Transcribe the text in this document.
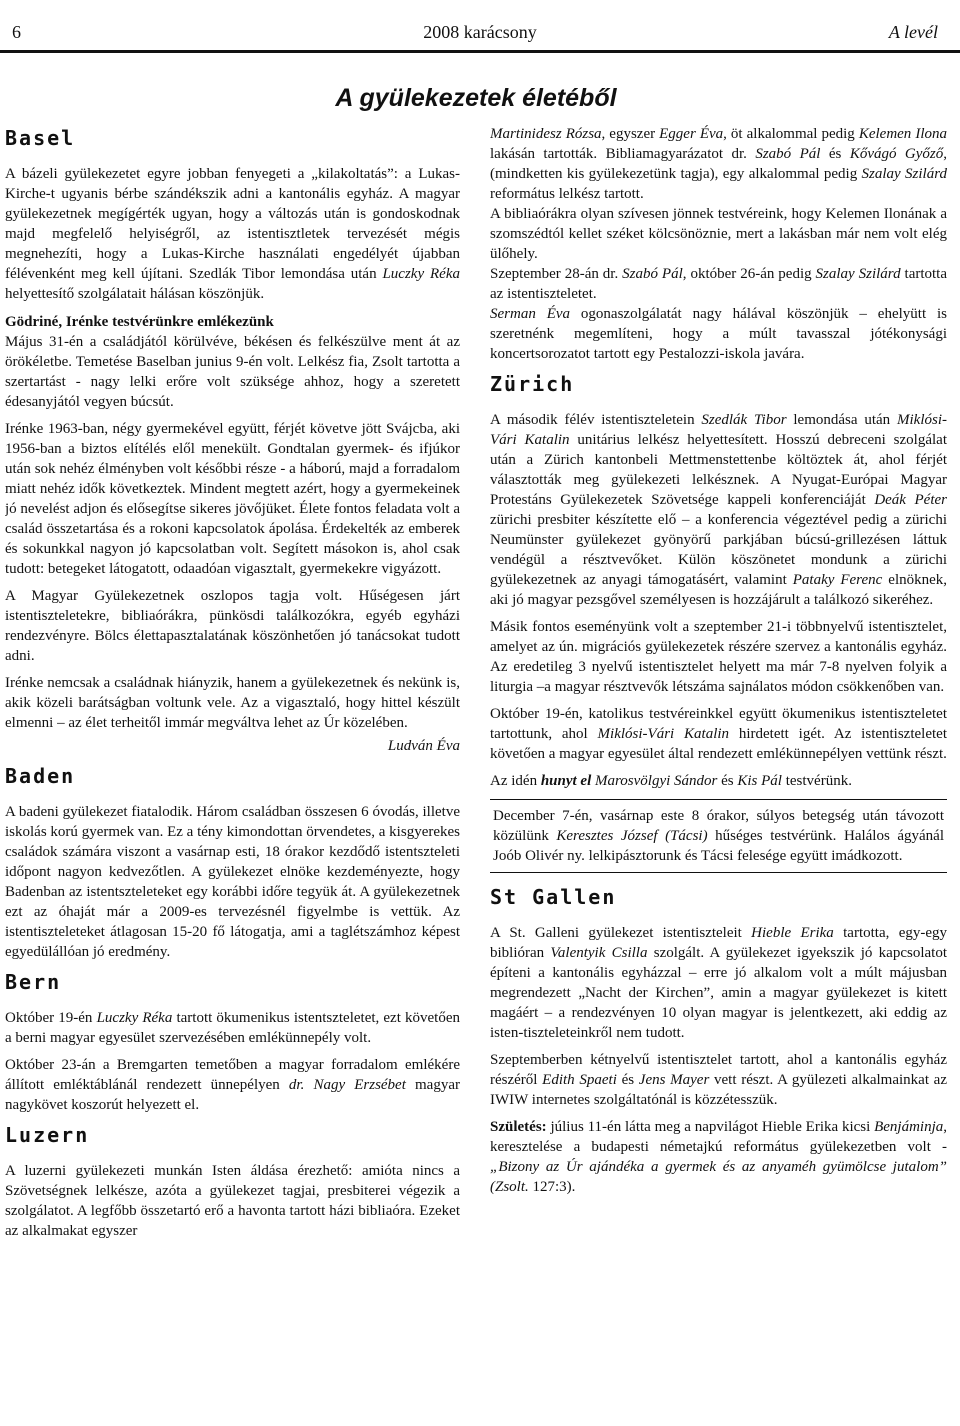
6	2008 karácsony	A levél
A gyülekezetek életéből
Basel

A bázeli gyülekezetet egyre jobban fenyegeti a „kilakoltatás”: a Lukas-Kirche-t ugyanis bérbe szándékszik adni a kantonális egyház. A magyar gyülekezetnek megígérték ugyan, hogy a változás után is gondoskodnak majd megfelelő helyiségről, az istentisztletek tervezését mégis megnehezíti, hogy a Lukas-Kirche használati engedélyét újabban félévenként meg kell újítani. Szedlák Tibor lemondása után Luczky Réka helyettesítő szolgálatait hálásan köszönjük.

Gödriné, Irénke testvérünkre emlékezünk

Május 31-én a családjától körülvéve, békésen és felkészülve ment át az örökéletbe. Temetése Baselban junius 9-én volt. Lelkész fia, Zsolt tartotta a szertartást - nagy lelki erőre volt szüksége ahhoz, hogy a szeretett édesanyjától vegyen búcsút.

Irénke 1963-ban, négy gyermekével együtt, férjét követve jött Svájcba, aki 1956-ban a biztos elítélés elől menekült. Gondtalan gyermek- és ifjúkor után sok nehéz élményben volt későbbi része - a háború, majd a forradalom miatt nehéz idők következtek. Mindent megtett azért, hogy a gyermekeinek jó nevelést adjon és elősegítse sikeres jövőjüket. Élete fontos feladata volt a család összetartása és a rokoni kapcsolatok ápolása. Érdekelték az emberek és sokunkkal nagyon jó kapcsolatban volt. Segített másokon is, ahol csak tudott: betegeket látogatott, odaadóan vigasztalt, gyermekekre vigyázott.

A Magyar Gyülekezetnek oszlopos tagja volt. Hűségesen járt istentiszteletekre, bibliaórákra, pünkösdi találkozókra, egyéb egyházi rendezvényre. Bölcs élettapasztalatának köszönhetően jó tanácsokat tudott adni.

Irénke nemcsak a családnak hiányzik, hanem a gyülekezetnek és nekünk is, akik közeli barátságban voltunk vele. Az a vigasztaló, hogy hittel készült elmenni – az élet terheitől immár megváltva lehet az Úr közelében.

Ludván Éva
Baden

A badeni gyülekezet fiatalodik. Három családban összesen 6 óvodás, illetve iskolás korú gyermek van. Ez a tény kimondottan örvendetes, a kisgyerekes családok számára viszont a vasárnap esti, 18 órakor kezdődő istentszteleti időpont nagyon kedvezőtlen. A gyülekezet elnöke kezdeményezte, hogy Badenban az istentszteleteket egy korábbi időre tegyük át. A gyülekezetnek ezt az óhaját már a 2009-es tervezésnél figyelmbe is vettük. Az istentiszteleteket átlagosan 15-20 fő látogatja, ami a taglétszámhoz képest egyedülállóan jó eredmény.

Bern

Október 19-én Luczky Réka tartott ökumenikus istentszteletet, ezt követően a berni magyar egyesület szervezésében emlékünnepély volt.

Október 23-án a Bremgarten temetőben a magyar forradalom emlékére állított emléktáblánál rendezett ünnepélyen dr. Nagy Erzsébet magyar nagykövet koszorút helyezett el.

Luzern

A luzerni gyülekezeti munkán Isten áldása érezhető: amióta nincs a Szövetségnek lelkésze, azóta a gyülekezet tagjai, presbiterei végezik a szolgálatot. A legfőbb összetartó erő a havonta tartott házi bibliaóra. Ezeket az alkalmakat egyszer

Martinidesz Rózsa, egyszer Egger Éva, öt alkalommal pedig Kelemen Ilona lakásán tartották. Bibliamagyarázatot dr. Szabó Pál és Kővágó Győző, (mindketten kis gyülekezetünk tagja), egy alkalommal pedig Szalay Szilárd református lelkész tartott.

A bibliaórákra olyan szívesen jönnek testvéreink, hogy Kelemen Ilonának a szomszédtól kellet széket kölcsönöznie, mert a lakásban már nem volt elég ülőhely.

Szeptember 28-án dr. Szabó Pál, október 26-án pedig Szalay Szilárd tartotta az istentiszteletet.

Serman Éva ogonaszolgálatát nagy hálával köszönjük – ehelyütt is szeretnénk megemlíteni, hogy a múlt tavasszal jótékonysági koncertsorozatot tartott egy Pestalozzi-iskola javára.

Zürich

A második félév istentiszteletein Szedlák Tibor lemondása után Miklósi-Vári Katalin unitárius lelkész helyettesített. Hosszú debreceni szolgálat után a Zürich kantonbeli Mettmenstettenbe költöztek át, ahol férjét választották meg gyülekezeti lelkésznek. A Nyugat-Európai Magyar Protestáns Gyülekezetek Szövetsége kappeli konferenciáját Deák Péter zürichi presbiter készítette elő – a konferencia végeztével pedig a zürichi Neumünster gyülekezet gyönyörű parkjában búcsú-grillezésen láttuk vendégül a résztvevőket. Külön köszönetet mondunk a zürichi gyülekezetnek az anyagi támogatásért, valamint Pataky Ferenc elnöknek, aki jó magyar pezsgővel személyesen is hozzájárult a találkozó sikeréhez.

Másik fontos eseményünk volt a szeptember 21-i többnyelvű istentisztelet, amelyet az ún. migrációs gyülekezetek részére szervez a kantonális egyház. Az eredetileg 3 nyelvű istentisztelet helyett ma már 7-8 nyelven folyik a liturgia –a magyar résztvevők létszáma sajnálatos módon csökkenőben van.

Október 19-én, katolikus testvéreinkkel együtt ökumenikus istentiszteletet tartottunk, ahol Miklósi-Vári Katalin hirdetett igét. Az istentiszteletet követően a magyar egyesület által rendezett emlékünnepélyen vettünk részt.

Az idén hunyt el Marosvölgyi Sándor és Kis Pál testvérünk.

December 7-én, vasárnap este 8 órakor, súlyos betegség után távozott közülünk Keresztes József (Tácsi) hűséges testvérünk. Halálos ágyánál Joób Olivér ny. lelkipásztorunk és Tácsi felesége együtt imádkozott.

St Gallen

A St. Galleni gyülekezet istentiszteleit Hieble Erika tartotta, egy-egy biblióran Valentyik Csilla szolgált. A gyülekezet igyekszik jó kapcsolatot építeni a kantonális egyházzal – erre jó alkalom volt a múlt májusban megrendezett „Nacht der Kirchen”, amin a magyar gyülekezet is kitett magáért – a rendezvényen 10 olyan magyar is jelentkezett, aki eddig az isten-tiszteleteinkről nem tudott.

Szeptemberben kétnyelvű istentisztelet tartott, ahol a kantonális egyház részéről Edith Spaeti és Jens Mayer vett részt. A gyülezeti alkalmainkat az IWIW internetes szolgáltatónál is közzétesszük.

Születés: július 11-én látta meg a napvilágot Hieble Erika kicsi Benjáminja, keresztelése a budapesti németajkú református gyülekezetben volt - „Bizony az Úr ajándéka a gyermek és az anyaméh gyümölcse jutalom” (Zsolt. 127:3).
